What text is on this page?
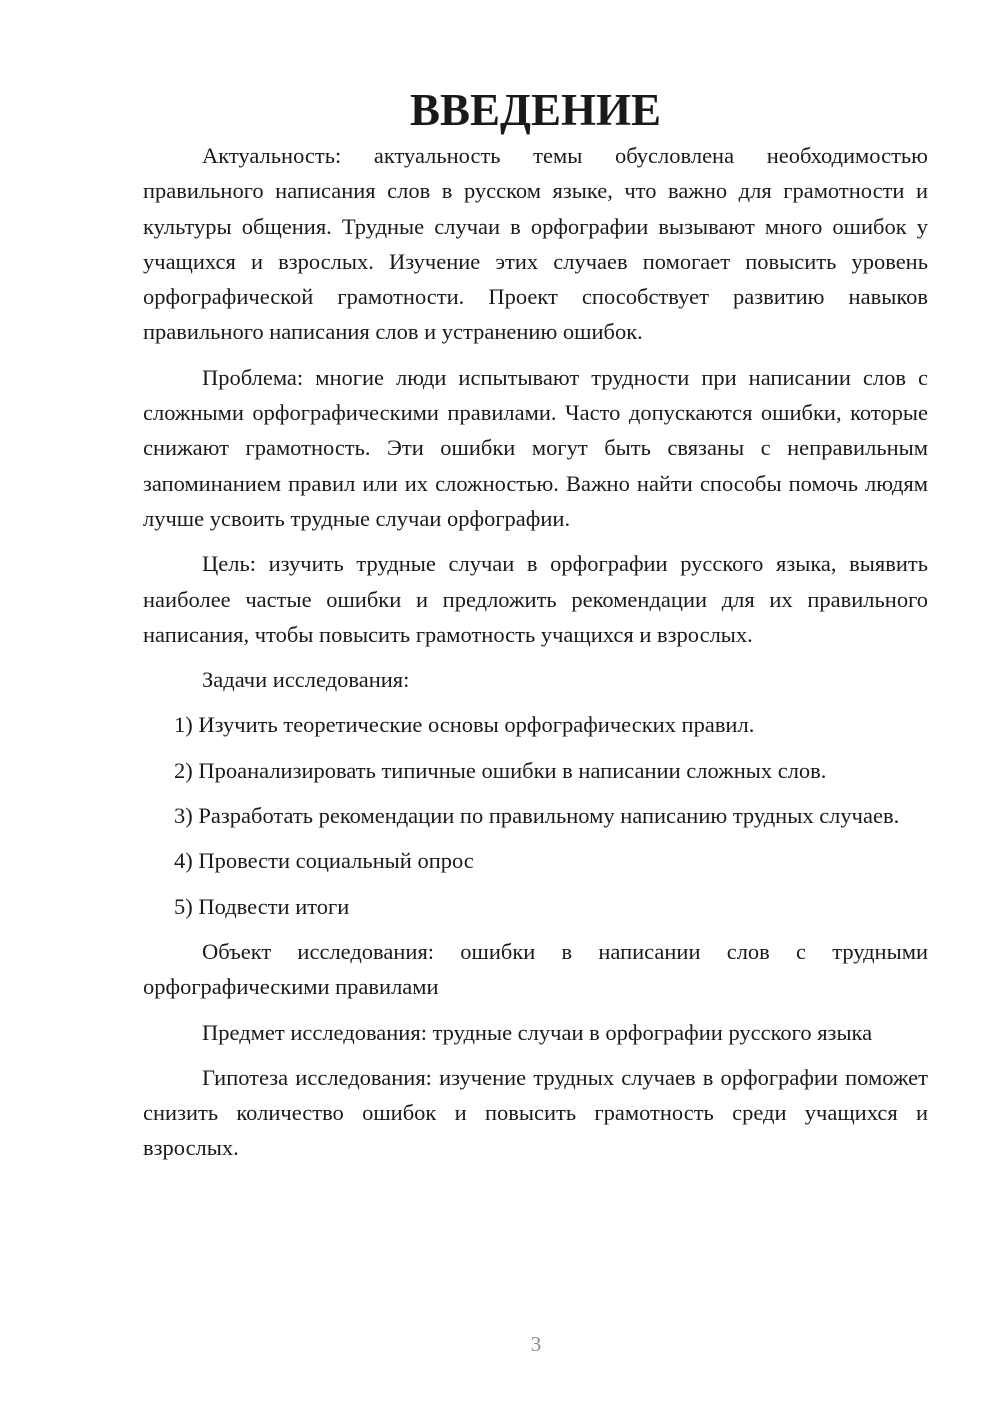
ВВЕДЕНИЕ

Актуальность: актуальность темы обусловлена необходимостью правильного написания слов в русском языке, что важно для грамотности и культуры общения. Трудные случаи в орфографии вызывают много ошибок у учащихся и взрослых. Изучение этих случаев помогает повысить уровень орфографической грамотности. Проект способствует развитию навыков правильного написания слов и устранению ошибок.

Проблема: многие люди испытывают трудности при написании слов с сложными орфографическими правилами. Часто допускаются ошибки, которые снижают грамотность. Эти ошибки могут быть связаны с неправильным запоминанием правил или их сложностью. Важно найти способы помочь людям лучше усвоить трудные случаи орфографии.

Цель: изучить трудные случаи в орфографии русского языка, выявить наиболее частые ошибки и предложить рекомендации для их правильного написания, чтобы повысить грамотность учащихся и взрослых.

Задачи исследования:

1) Изучить теоретические основы орфографических правил.

2) Проанализировать типичные ошибки в написании сложных слов.

3) Разработать рекомендации по правильному написанию трудных случаев.

4) Провести социальный опрос

5) Подвести итоги

Объект исследования: ошибки в написании слов с трудными орфографическими правилами

Предмет исследования: трудные случаи в орфографии русского языка

Гипотеза исследования: изучение трудных случаев в орфографии поможет снизить количество ошибок и повысить грамотность среди учащихся и взрослых.

3
